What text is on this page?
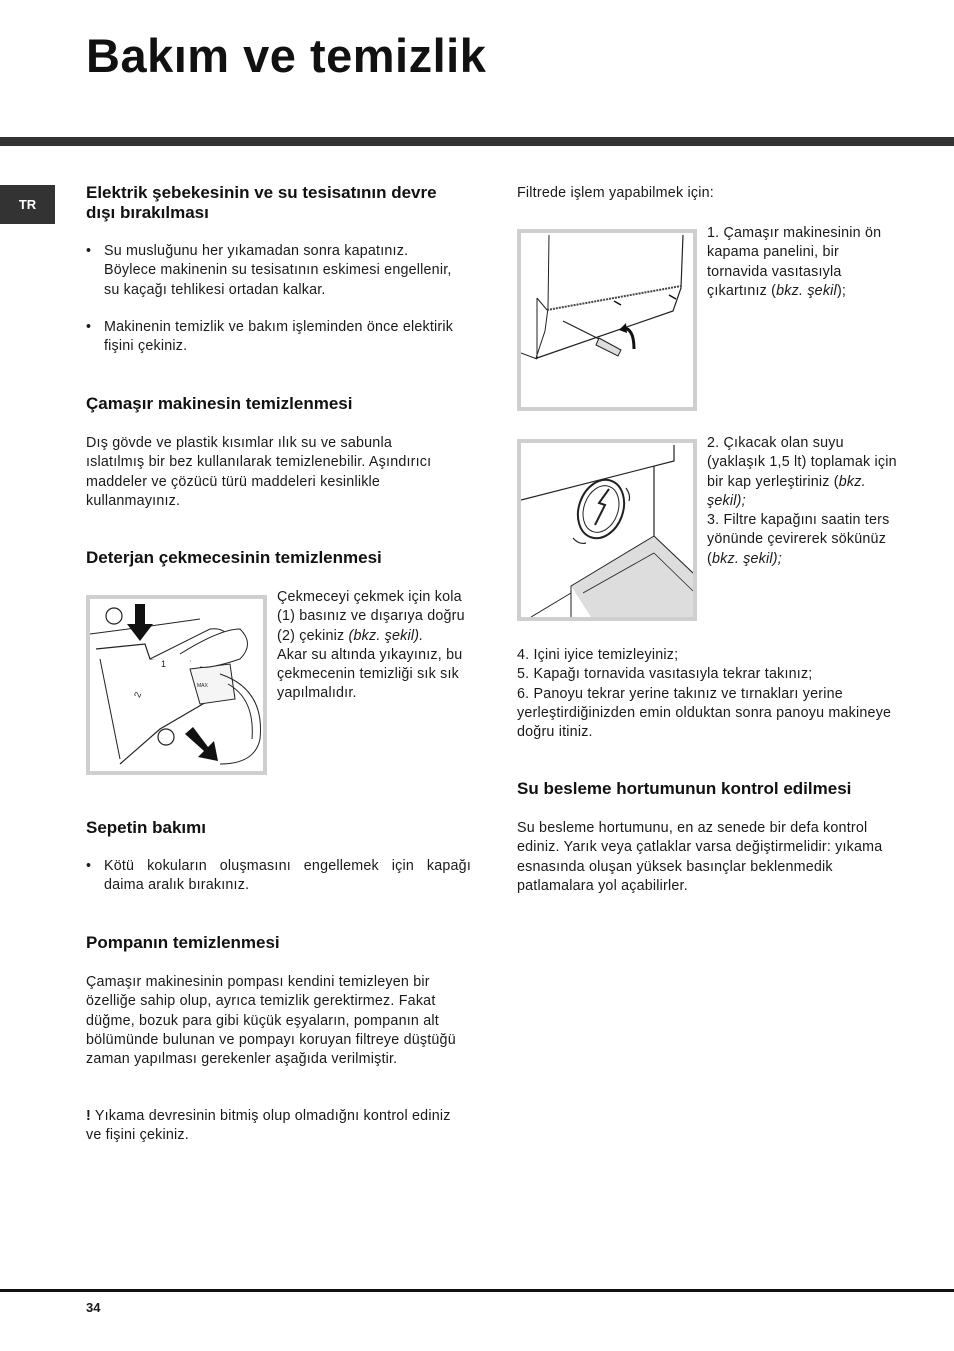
Bakım ve temizlik
TR
Elektrik şebekesinin ve su tesisatının devre dışı bırakılması
• Su musluğunu her yıkamadan sonra kapatınız. Böylece makinenin su tesisatının eskimesi engellenir, su kaçağı tehlikesi ortadan kalkar.
• Makinenin temizlik ve bakım işleminden önce elektirik fişini çekiniz.
Çamaşır makinesin temizlenmesi

Dış gövde ve plastik kısımlar ılık su ve sabunla ıslatılmış bir bez kullanılarak temizlenebilir. Aşındırıcı maddeler ve çözücü türü maddeleri kesinlikle kullanmayınız.

Deterjan çekmecesinin temizlenmesi
1
2
MAX

Çekmeceyi çekmek için kola (1) basınız ve dışarıya doğru (2) çekiniz (bkz. şekil).
Akar su altında yıkayınız, bu çekmecenin temizliği sık sık yapılmalıdır.

Sepetin bakımı
• Kötü kokuların oluşmasını engellemek için kapağı daima aralık bırakınız.
Pompanın temizlenmesi

Çamaşır makinesinin pompası kendini temizleyen bir özelliğe sahip olup, ayrıca temizlik gerektirmez. Fakat düğme, bozuk para gibi küçük eşyaların, pompanın alt bölümünde bulunan ve pompayı koruyan filtreye düştüğü zaman yapılması gerekenler aşağıda verilmiştir.

! Yıkama devresinin bitmiş olup olmadığnı kontrol ediniz ve fişini çekiniz.

Filtrede işlem yapabilmek için:

1. Çamaşır makinesinin ön kapama panelini, bir tornavida vasıtasıyla çıkartınız (bkz. şekil);

2. Çıkacak olan suyu (yaklaşık 1,5 lt) toplamak için bir kap yerleştiriniz (bkz. şekil);
3. Filtre kapağını saatin ters yönünde çevirerek sökünüz (bkz. şekil);

4. Içini iyice temizleyiniz;

5. Kapağı tornavida vasıtasıyla tekrar takınız;

6. Panoyu tekrar yerine takınız ve tırnakları yerine yerleştirdiğinizden emin olduktan sonra panoyu makineye doğru itiniz.

Su besleme hortumunun kontrol edilmesi

Su besleme hortumunu, en az senede bir defa kontrol ediniz. Yarık veya çatlaklar varsa değiştirmelidir: yıkama esnasında oluşan yüksek basınçlar beklenmedik patlamalara yol açabilirler.

34
